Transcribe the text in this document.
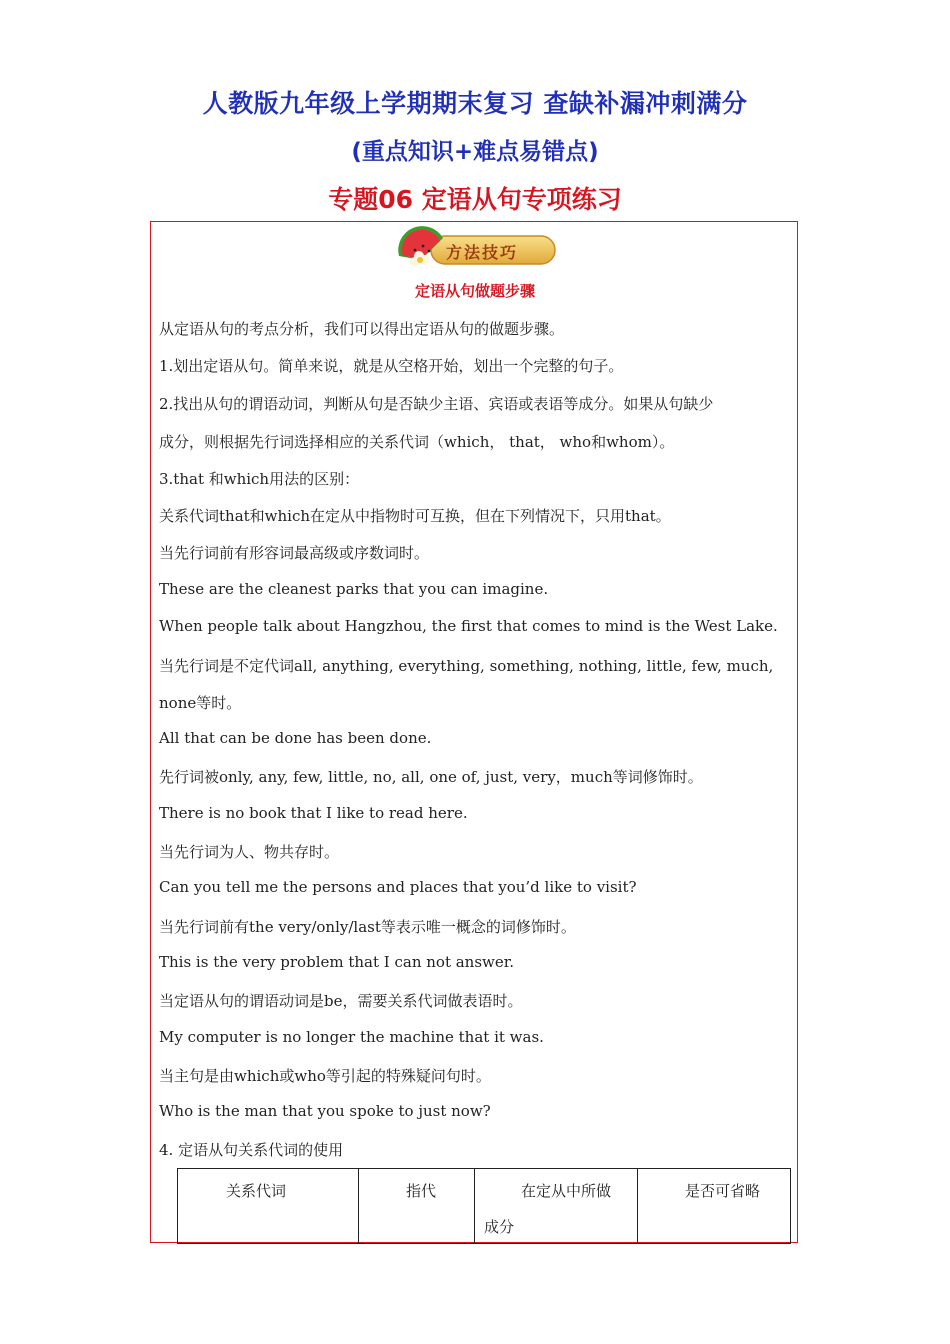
人教版九年级上学期期末复习 查缺补漏冲刺满分
(重点知识+难点易错点)
专题06 定语从句专项练习
方法技巧
定语从句做题步骤
从定语从句的考点分析，我们可以得出定语从句的做题步骤。
1.划出定语从句。简单来说，就是从空格开始，划出一个完整的句子。
2.找出从句的谓语动词，判断从句是否缺少主语、宾语或表语等成分。如果从句缺少
成分，则根据先行词选择相应的关系代词（which， that， who和whom）。
3.that 和which用法的区别：
关系代词that和which在定从中指物时可互换，但在下列情况下，只用that。
当先行词前有形容词最高级或序数词时。
These are the cleanest parks that you can imagine.
When people talk about Hangzhou, the first that comes to mind is the West Lake.
当先行词是不定代词all, anything, everything, something, nothing, little, few, much,
none等时。
All that can be done has been done.
先行词被only, any, few, little, no, all, one of, just, very，much等词修饰时。
There is no book that I like to read here.
当先行词为人、物共存时。
Can you tell me the persons and places that you’d like to visit?
当先行词前有the very/only/last等表示唯一概念的词修饰时。
This is the very problem that I can not answer.
当定语从句的谓语动词是be，需要关系代词做表语时。
My computer is no longer the machine that it was.
当主句是由which或who等引起的特殊疑问句时。
Who is the man that you spoke to just now?
4. 定语从句关系代词的使用
关系代词	指代	在定从中所做
成分
是否可省略
